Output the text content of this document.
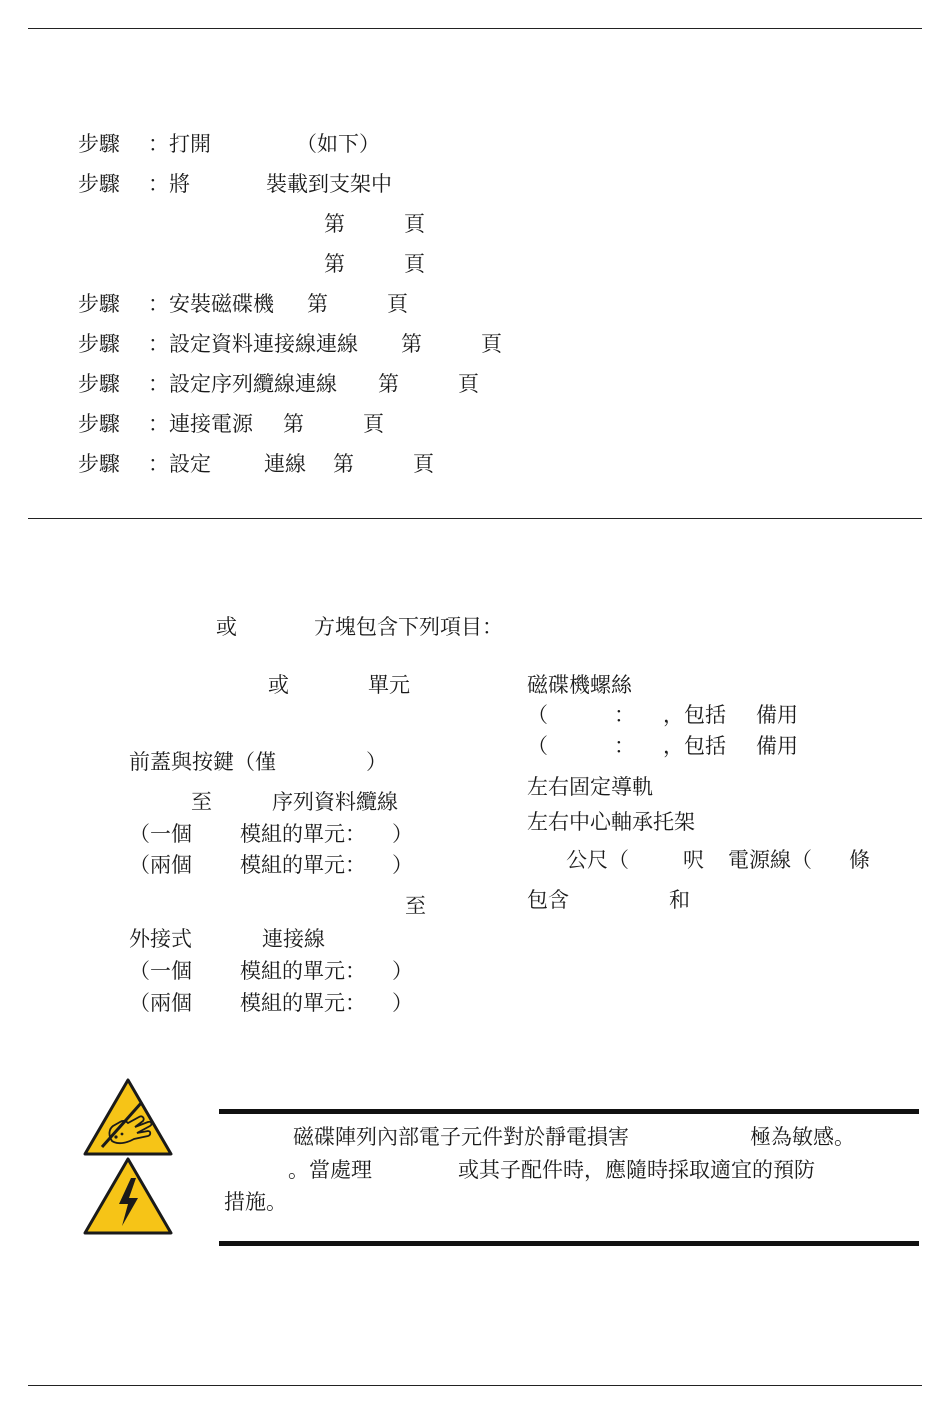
步驟 ：打開	（如下）
步驟 ：將	裝載到支架中
第	頁
第	頁
步驟 ：安裝磁碟機 第	頁
步驟 ：設定資料連接線連線 第	頁
步驟 ：設定序列纜線連線 第	頁
步驟 ：連接電源 第	頁
步驟 ：設定	連線 第	頁
或	方塊包含下列項目：
或	單元
前蓋與按鍵（僅	）
至	序列資料纜線
（一個 模組的單元： ）
（兩個 模組的單元： ）
至
外接式	連接線
（一個 模組的單元： ）
（兩個 模組的單元： ）
磁碟機螺絲
（	： ，包括 備用
（	： ，包括 備用
左右固定導軌
左右中心軸承托架
公尺（	呎 電源線（ 條
包含	和
磁碟陣列內部電子元件對於靜電損害	極為敏感。
。當處理	或其子配件時，應隨時採取適宜的預防
措施。
